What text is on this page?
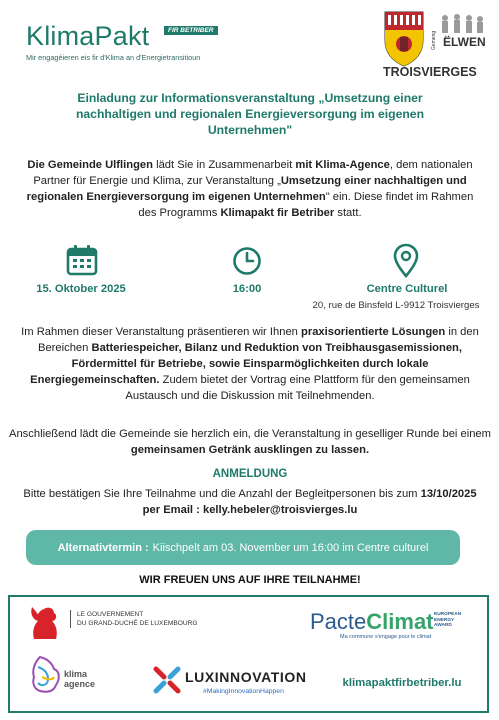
KlimaPakt	FIR BETRIBER
Mir engagéieren eis fir d'Klima an d'Energietransitioun
Gemeng ËLWEN
TROISVIERGES
Einladung zur Informationsveranstaltung „Umsetzung einer nachhaltigen und regionalen Energieversorgung im eigenen Unternehmen"
Die Gemeinde Ulflingen lädt Sie in Zusammenarbeit mit Klima-Agence, dem nationalen Partner für Energie und Klima, zur Veranstaltung „Umsetzung einer nachhaltigen und regionalen Energieversorgung im eigenen Unternehmen" ein. Diese findet im Rahmen des Programms Klimapakt fir Betriber statt.
15. Oktober 2025	16:00	Centre Culturel
20, rue de Binsfeld L-9912 Troisvierges
Im Rahmen dieser Veranstaltung präsentieren wir Ihnen praxisorientierte Lösungen in den Bereichen Batteriespeicher, Bilanz und Reduktion von Treibhausgasemissionen, Fördermittel für Betriebe, sowie Einsparmöglichkeiten durch lokale Energiegemeinschaften. Zudem bietet der Vortrag eine Plattform für den gemeinsamen Austausch und die Diskussion mit Teilnehmenden.
Anschließend lädt die Gemeinde sie herzlich ein, die Veranstaltung in geselliger Runde bei einem gemeinsamen Getränk ausklingen zu lassen.
ANMELDUNG
Bitte bestätigen Sie Ihre Teilnahme und die Anzahl der Begleitpersonen bis zum 13/10/2025 per Email : kelly.hebeler@troisvierges.lu
Alternativtermin : Kiischpelt am 03. November um 16:00 im Centre culturel
WIR FREUEN UNS AUF IHRE TEILNAHME!
LE GOUVERNEMENT
DU GRAND-DUCHÉ DE LUXEMBOURG	PacteClimat EUROPEAN
ENERGY
AWARD
Ma commune s'engage pour le climat
klima
agence	LUXINNOVATION
#MakingInnovationHappen
klimapaktfirbetriber.lu
